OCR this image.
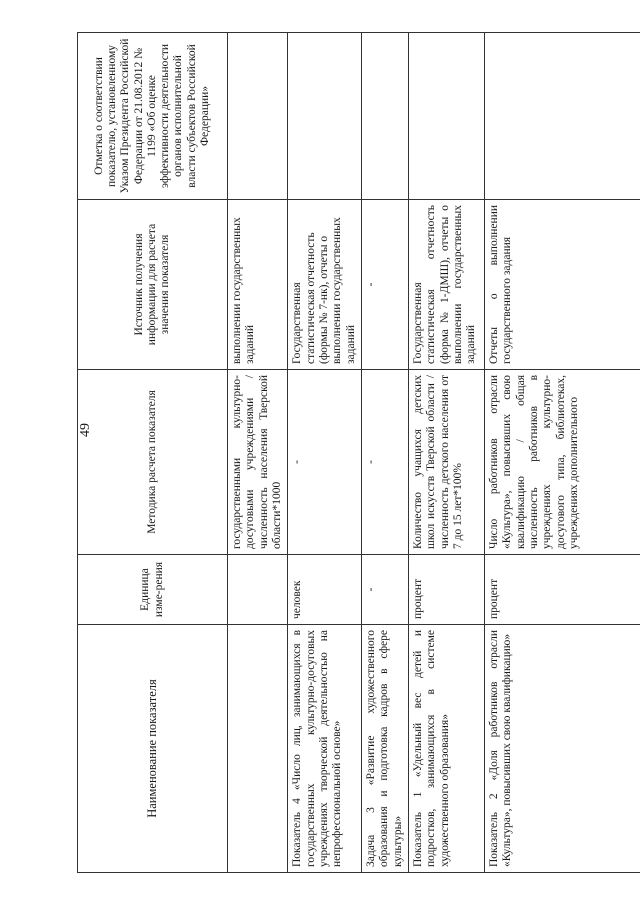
49
Наименование показателя	Единица изме-рения	Методика расчета показателя	Источник получения информации для расчета значения показателя	Отметка о соответствии показателю, установленному Указом Президента Российской Федерации от 21.08.2012 № 1199 «Об оценке эффективности деятельности органов исполнительной власти субъектов Российской Федерации»
		государственными культурно-досуговыми учреждениями / численность населения Тверской области*1000	выполнении государственных заданий	
Показатель 4 «Число лиц, занимающихся в государственных культурно-досуговых учреждениях творческой деятельностью на непрофессиональной основе»	человек	-	Государственная статистическая отчетность (формы № 7-нк), отчеты о выполнении государственных заданий	
Задача 3 «Развитие художественного образования и подготовка кадров в сфере культуры»	-	-	-	
Показатель 1 «Удельный вес детей и подростков, занимающихся в системе художественного образования»	процент	Количество учащихся детских школ искусств Тверской области / численность детского населения от 7 до 15 лет*100%	Государственная статистическая отчетность (форма № 1-ДМШ), отчеты о выполнении государственных заданий	
Показатель 2 «Доля работников отрасли «Культура», повысивших свою квалификацию»	процент	Число работников отрасли «Культура», повысивших свою квалификацию / общая численность работников в учреждениях культурно-досугового типа, библиотеках, учреждениях дополнительного	Отчеты о выполнении государственного задания	
